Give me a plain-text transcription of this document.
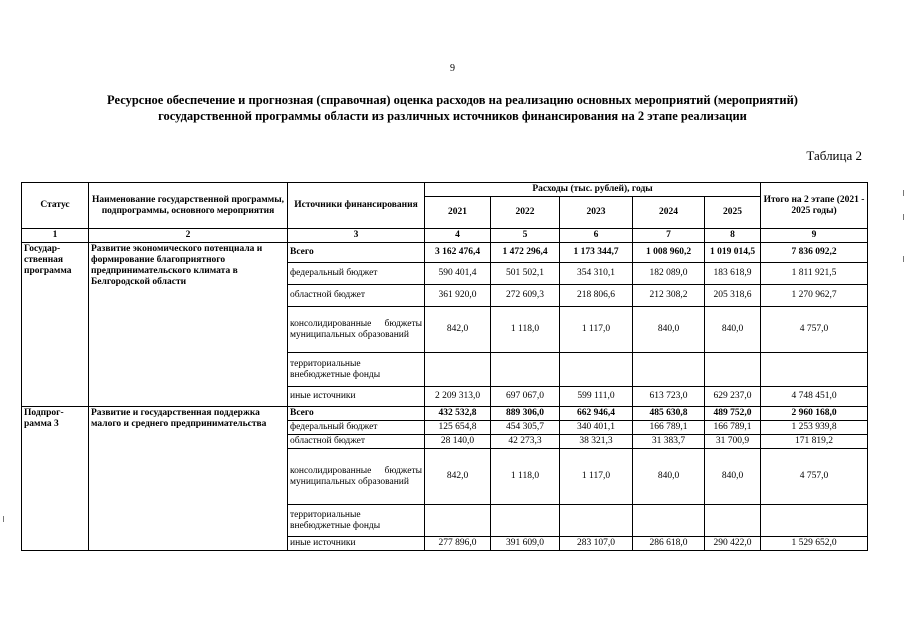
9
Ресурсное обеспечение и прогнозная (справочная) оценка расходов на реализацию основных мероприятий (мероприятий)
государственной программы области из различных источников финансирования на 2 этапе реализации
Таблица 2
Статус	Наименование государственной программы, подпрограммы, основного мероприятия	Источники финансирования	Расходы (тыс. рублей), годы					Итого на 2 этапе (2021 - 2025 годы)
			2021	2022	2023	2024	2025	
1	2	3	4	5	6	7	8	9
Государ- ственная программа	Развитие экономического потенциала и формирование благоприятного предпринимательского климата в Белгородской области	Всего	3 162 476,4	1 472 296,4	1 173 344,7	1 008 960,2	1 019 014,5	7 836 092,2
		федеральный бюджет	590 401,4	501 502,1	354 310,1	182 089,0	183 618,9	1 811 921,5
		областной бюджет	361 920,0	272 609,3	218 806,6	212 308,2	205 318,6	1 270 962,7
		консолидированные бюджеты муниципальных образований	842,0	1 118,0	1 117,0	840,0	840,0	4 757,0
		территориальные внебюджетные фонды						
		иные источники	2 209 313,0	697 067,0	599 111,0	613 723,0	629 237,0	4 748 451,0
Подпрог- рамма 3	Развитие и государственная поддержка малого и среднего предпринимательства	Всего	432 532,8	889 306,0	662 946,4	485 630,8	489 752,0	2 960 168,0
		федеральный бюджет	125 654,8	454 305,7	340 401,1	166 789,1	166 789,1	1 253 939,8
		областной бюджет	28 140,0	42 273,3	38 321,3	31 383,7	31 700,9	171 819,2
		консолидированные бюджеты муниципальных образований	842,0	1 118,0	1 117,0	840,0	840,0	4 757,0
		территориальные внебюджетные фонды						
		иные источники	277 896,0	391 609,0	283 107,0	286 618,0	290 422,0	1 529 652,0
